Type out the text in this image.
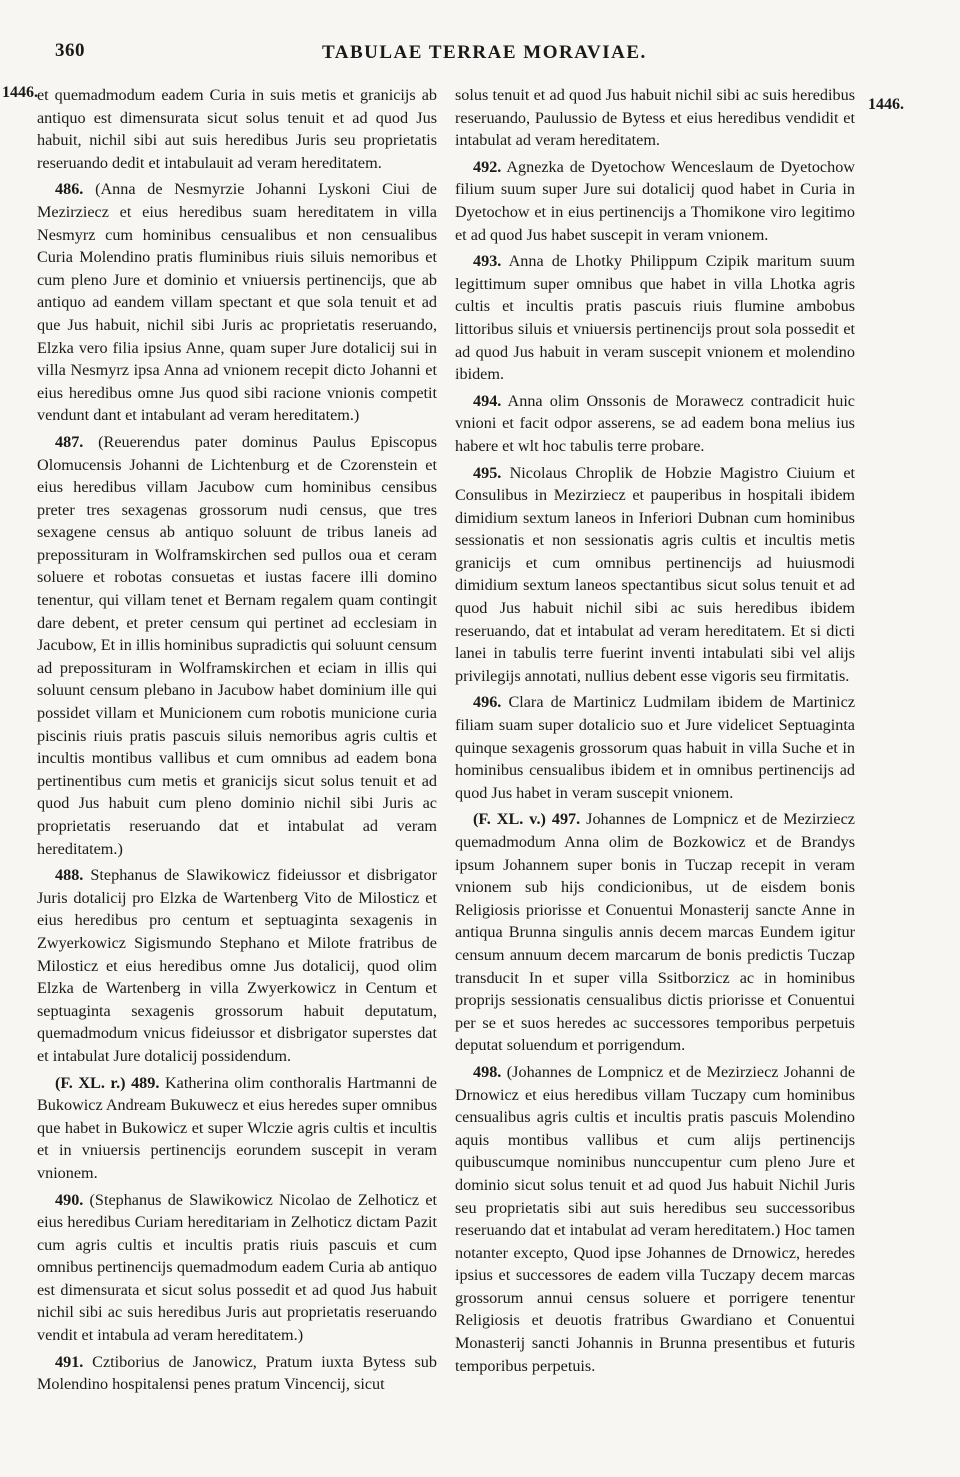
360	TABULAE TERRAE MORAVIAE.
1446.
1446.

et quemadmodum eadem Curia in suis metis et granicijs ab antiquo est dimensurata sicut solus tenuit et ad quod Jus habuit, nichil sibi aut suis heredibus Juris seu proprietatis reseruando dedit et intabulauit ad veram hereditatem.

486. (Anna de Nesmyrzie Johanni Lyskoni Ciui de Mezirziecz et eius heredibus suam hereditatem in villa Nesmyrz cum hominibus censualibus et non censualibus Curia Molendino pratis fluminibus riuis siluis nemoribus et cum pleno Jure et dominio et vniuersis pertinencijs, que ab antiquo ad eandem villam spectant et que sola tenuit et ad que Jus habuit, nichil sibi Juris ac proprietatis reseruando, Elzka vero filia ipsius Anne, quam super Jure dotalicij sui in villa Nesmyrz ipsa Anna ad vnionem recepit dicto Johanni et eius heredibus omne Jus quod sibi racione vnionis competit vendunt dant et intabulant ad veram hereditatem.)

487. (Reuerendus pater dominus Paulus Episcopus Olomucensis Johanni de Lichtenburg et de Czorenstein et eius heredibus villam Jacubow cum hominibus censibus preter tres sexagenas grossorum nudi census, que tres sexagene census ab antiquo soluunt de tribus laneis ad prepossituram in Wolframskirchen sed pullos oua et ceram soluere et robotas consuetas et iustas facere illi domino tenentur, qui villam tenet et Bernam regalem quam contingit dare debent, et preter censum qui pertinet ad ecclesiam in Jacubow, Et in illis hominibus supradictis qui soluunt censum ad prepossituram in Wolframskirchen et eciam in illis qui soluunt censum plebano in Jacubow habet dominium ille qui possidet villam et Municionem cum robotis municione curia piscinis riuis pratis pascuis siluis nemoribus agris cultis et incultis montibus vallibus et cum omnibus ad eadem bona pertinentibus cum metis et granicijs sicut solus tenuit et ad quod Jus habuit cum pleno dominio nichil sibi Juris ac proprietatis reseruando dat et intabulat ad veram hereditatem.)

488. Stephanus de Slawikowicz fideiussor et disbrigator Juris dotalicij pro Elzka de Wartenberg Vito de Milosticz et eius heredibus pro centum et septuaginta sexagenis in Zwyerkowicz Sigismundo Stephano et Milote fratribus de Milosticz et eius heredibus omne Jus dotalicij, quod olim Elzka de Wartenberg in villa Zwyerkowicz in Centum et septuaginta sexagenis grossorum habuit deputatum, quemadmodum vnicus fideiussor et disbrigator superstes dat et intabulat Jure dotalicij possidendum.

(F. XL. r.) 489. Katherina olim conthoralis Hartmanni de Bukowicz Andream Bukuwecz et eius heredes super omnibus que habet in Bukowicz et super Wlczie agris cultis et incultis et in vniuersis pertinencijs eorundem suscepit in veram vnionem.

490. (Stephanus de Slawikowicz Nicolao de Zelhoticz et eius heredibus Curiam hereditariam in Zelhoticz dictam Pazit cum agris cultis et incultis pratis riuis pascuis et cum omnibus pertinencijs quemadmodum eadem Curia ab antiquo est dimensurata et sicut solus possedit et ad quod Jus habuit nichil sibi ac suis heredibus Juris aut proprietatis reseruando vendit et intabula ad veram hereditatem.)

491. Cztiborius de Janowicz, Pratum iuxta Bytess sub Molendino hospitalensi penes pratum Vincencij, sicut

solus tenuit et ad quod Jus habuit nichil sibi ac suis heredibus reseruando, Paulussio de Bytess et eius heredibus vendidit et intabulat ad veram hereditatem.

492. Agnezka de Dyetochow Wenceslaum de Dyetochow filium suum super Jure sui dotalicij quod habet in Curia in Dyetochow et in eius pertinencijs a Thomikone viro legitimo et ad quod Jus habet suscepit in veram vnionem.

493. Anna de Lhotky Philippum Czipik maritum suum legittimum super omnibus que habet in villa Lhotka agris cultis et incultis pratis pascuis riuis flumine ambobus littoribus siluis et vniuersis pertinencijs prout sola possedit et ad quod Jus habuit in veram suscepit vnionem et molendino ibidem.

494. Anna olim Onssonis de Morawecz contradicit huic vnioni et facit odpor asserens, se ad eadem bona melius ius habere et wlt hoc tabulis terre probare.

495. Nicolaus Chroplik de Hobzie Magistro Ciuium et Consulibus in Mezirziecz et pauperibus in hospitali ibidem dimidium sextum laneos in Inferiori Dubnan cum hominibus sessionatis et non sessionatis agris cultis et incultis metis granicijs et cum omnibus pertinencijs ad huiusmodi dimidium sextum laneos spectantibus sicut solus tenuit et ad quod Jus habuit nichil sibi ac suis heredibus ibidem reseruando, dat et intabulat ad veram hereditatem. Et si dicti lanei in tabulis terre fuerint inventi intabulati sibi vel alijs privilegijs annotati, nullius debent esse vigoris seu firmitatis.

496. Clara de Martinicz Ludmilam ibidem de Martinicz filiam suam super dotalicio suo et Jure videlicet Septuaginta quinque sexagenis grossorum quas habuit in villa Suche et in hominibus censualibus ibidem et in omnibus pertinencijs ad quod Jus habet in veram suscepit vnionem.

(F. XL. v.) 497. Johannes de Lompnicz et de Mezirziecz quemadmodum Anna olim de Bozkowicz et de Brandys ipsum Johannem super bonis in Tuczap recepit in veram vnionem sub hijs condicionibus, ut de eisdem bonis Religiosis priorisse et Conuentui Monasterij sancte Anne in antiqua Brunna singulis annis decem marcas Eundem igitur censum annuum decem marcarum de bonis predictis Tuczap transducit In et super villa Ssitborzicz ac in hominibus proprijs sessionatis censualibus dictis priorisse et Conuentui per se et suos heredes ac successores temporibus perpetuis deputat soluendum et porrigendum.

498. (Johannes de Lompnicz et de Mezirziecz Johanni de Drnowicz et eius heredibus villam Tuczapy cum hominibus censualibus agris cultis et incultis pratis pascuis Molendino aquis montibus vallibus et cum alijs pertinencijs quibuscumque nominibus nunccupentur cum pleno Jure et dominio sicut solus tenuit et ad quod Jus habuit Nichil Juris seu proprietatis sibi aut suis heredibus seu successoribus reseruando dat et intabulat ad veram hereditatem.) Hoc tamen notanter excepto, Quod ipse Johannes de Drnowicz, heredes ipsius et successores de eadem villa Tuczapy decem marcas grossorum annui census soluere et porrigere tenentur Religiosis et deuotis fratribus Gwardiano et Conuentui Monasterij sancti Johannis in Brunna presentibus et futuris temporibus perpetuis.
